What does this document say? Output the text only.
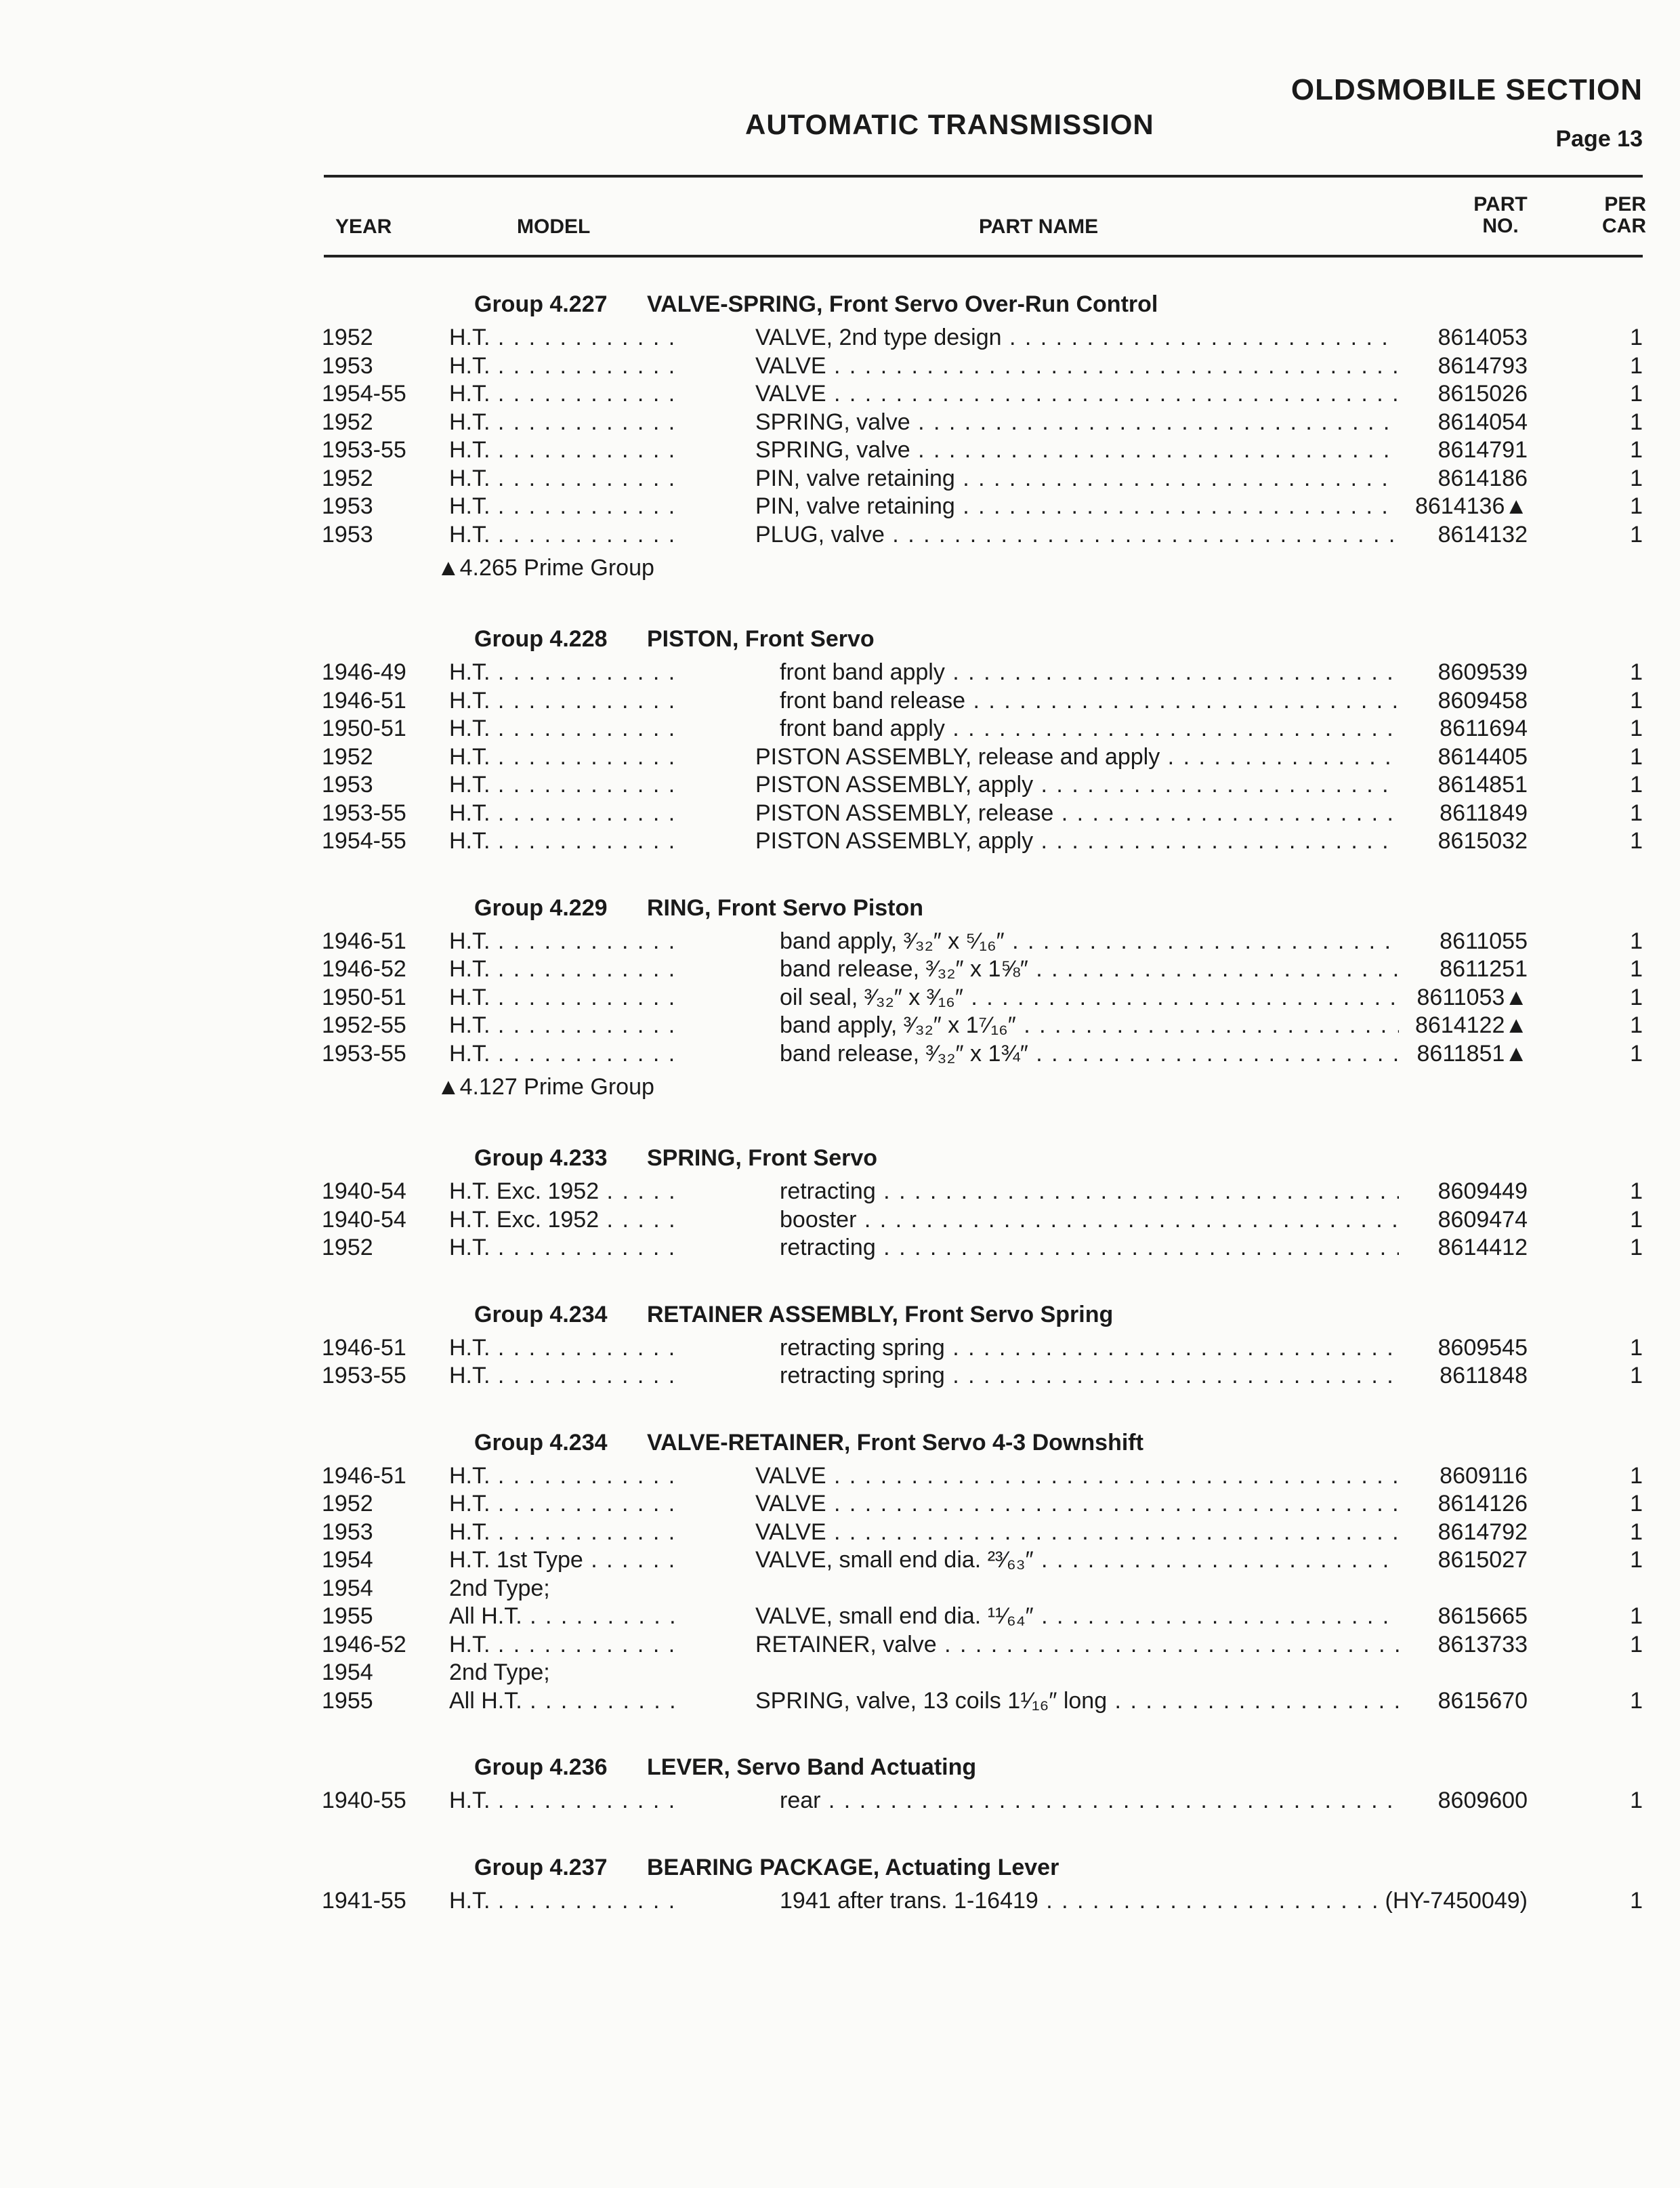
AUTOMATIC TRANSMISSION
OLDSMOBILE SECTION
Page 13
YEAR	MODEL	PART NAME
PART
NO.
PER
CAR
Group 4.227 VALVE-SPRING, Front Servo Over-Run Control
1952	H.T. . . .	VALVE, 2nd type design . . .	8614053	1
1953	H.T. . . .	VALVE . . .	8614793	1
1954-55 H.T. . . .	VALVE . . .	8615026	1
1952	H.T. . . .	SPRING, valve . . .	8614054	1
1953-55 H.T. . . .	SPRING, valve . . .	8614791	1
1952	H.T. . . .	PIN, valve retaining . . .	8614186	1
1953	H.T. . . .	PIN, valve retaining . . .	8614136▲	1
1953	H.T. . . .	PLUG, valve . . .	8614132	1
▲4.265 Prime Group
Group 4.228 PISTON, Front Servo
1946-49 H.T. . . .	front band apply . . .	8609539	1
1946-51 H.T. . . .	front band release . . .	8609458	1
1950-51 H.T. . . .	front band apply . . .	8611694	1
1952	H.T. . . .	PISTON ASSEMBLY, release and apply . . .	8614405	1
1953	H.T. . . .	PISTON ASSEMBLY, apply . . .	8614851	1
1953-55 H.T. . . .	PISTON ASSEMBLY, release . . .	8611849	1
1954-55 H.T. . . .	PISTON ASSEMBLY, apply . . .	8615032	1
Group 4.229 RING, Front Servo Piston
1946-51 H.T. . . .	band apply, ³⁄₃₂″ x ⁵⁄₁₆″ . . .	8611055	1
1946-52 H.T. . . .	band release, ³⁄₃₂″ x 1⅝″ . . .	8611251	1
1950-51 H.T. . . .	oil seal, ³⁄₃₂″ x ³⁄₁₆″ . . .	8611053▲	1
1952-55 H.T. . . .	band apply, ³⁄₃₂″ x 1⁷⁄₁₆″ . . .	8614122▲	1
1953-55 H.T. . . .	band release, ³⁄₃₂″ x 1¾″ . . .	8611851▲	1
▲4.127 Prime Group
Group 4.233 SPRING, Front Servo
1940-54 H.T. Exc. 1952 . . .	retracting . . .	8609449	1
1940-54 H.T. Exc. 1952 . . .	booster . . .	8609474	1
1952	H.T. . . .	retracting . . .	8614412	1
Group 4.234 RETAINER ASSEMBLY, Front Servo Spring
1946-51 H.T. . . .	retracting spring . . .	8609545	1
1953-55 H.T. . . .	retracting spring . . .	8611848	1
Group 4.234 VALVE-RETAINER, Front Servo 4-3 Downshift
1946-51 H.T. . . .	VALVE . . .	8609116	1
1952	H.T. . . .	VALVE . . .	8614126	1
1953	H.T. . . .	VALVE . . .	8614792	1
1954	H.T. 1st Type . . .	VALVE, small end dia. ²³⁄₆₃″ . . .	8615027	1
1954	2nd Type;
1955	All H.T. . . .	VALVE, small end dia. ¹¹⁄₆₄″ . . .	8615665	1
1946-52 H.T. . . .	RETAINER, valve . . .	8613733	1
1954	2nd Type;
1955	All H.T. . . .	SPRING, valve, 13 coils 1¹⁄₁₆″ long . . .	8615670	1
Group 4.236 LEVER, Servo Band Actuating
1940-55 H.T. . . .	rear . . .	8609600	1
Group 4.237 BEARING PACKAGE, Actuating Lever
1941-55 H.T. . . .	1941 after trans. 1-16419 . . .	(HY-7450049)	1
